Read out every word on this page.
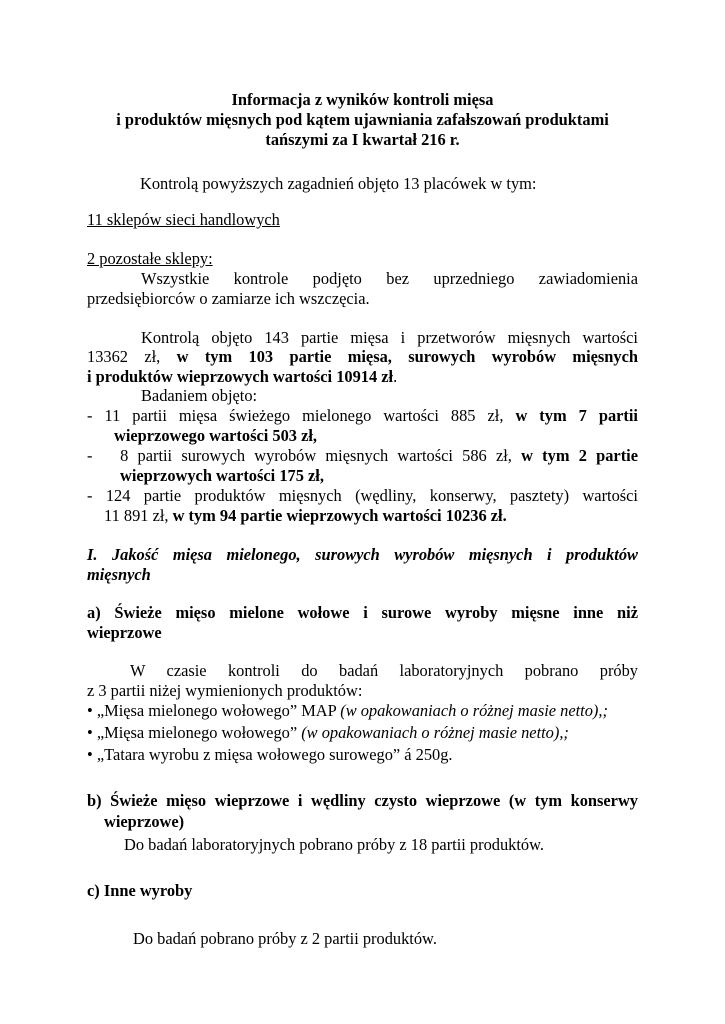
Informacja z wyników kontroli mięsa
i produktów mięsnych pod kątem ujawniania zafałszowań produktami
tańszymi za I kwartał 216 r.
Kontrolą powyższych zagadnień objęto 13 placówek w tym:
11 sklepów sieci handlowych
2 pozostałe sklepy:
Wszystkie kontrole podjęto bez uprzedniego zawiadomienia
przedsiębiorców o zamiarze ich wszczęcia.
Kontrolą objęto 143 partie mięsa i przetworów mięsnych wartości
13362 zł, w tym 103 partie mięsa, surowych wyrobów mięsnych
i produktów wieprzowych wartości 10914 zł.
Badaniem objęto:
- 11 partii mięsa świeżego mielonego wartości 885 zł, w tym 7 partii
wieprzowego wartości 503 zł,
-   8 partii surowych wyrobów mięsnych wartości 586 zł, w tym 2 partie
wieprzowych wartości 175 zł,
- 124 partie produktów mięsnych (wędliny, konserwy, pasztety) wartości
11 891 zł, w tym 94 partie wieprzowych wartości 10236 zł.
I. Jakość mięsa mielonego, surowych wyrobów mięsnych i produktów
mięsnych
a) Świeże mięso mielone wołowe i surowe wyroby mięsne inne niż
wieprzowe
W czasie kontroli do badań laboratoryjnych pobrano próby
z 3 partii niżej wymienionych produktów:
• „Mięsa mielonego wołowego” MAP (w opakowaniach o różnej masie netto),;
• „Mięsa mielonego wołowego” (w opakowaniach o różnej masie netto),;
• „Tatara wyrobu z mięsa wołowego surowego” á 250g.
b) Świeże mięso wieprzowe i wędliny czysto wieprzowe (w tym konserwy
wieprzowe)
Do badań laboratoryjnych pobrano próby z 18 partii produktów.
c) Inne wyroby
Do badań pobrano próby z 2 partii produktów.
